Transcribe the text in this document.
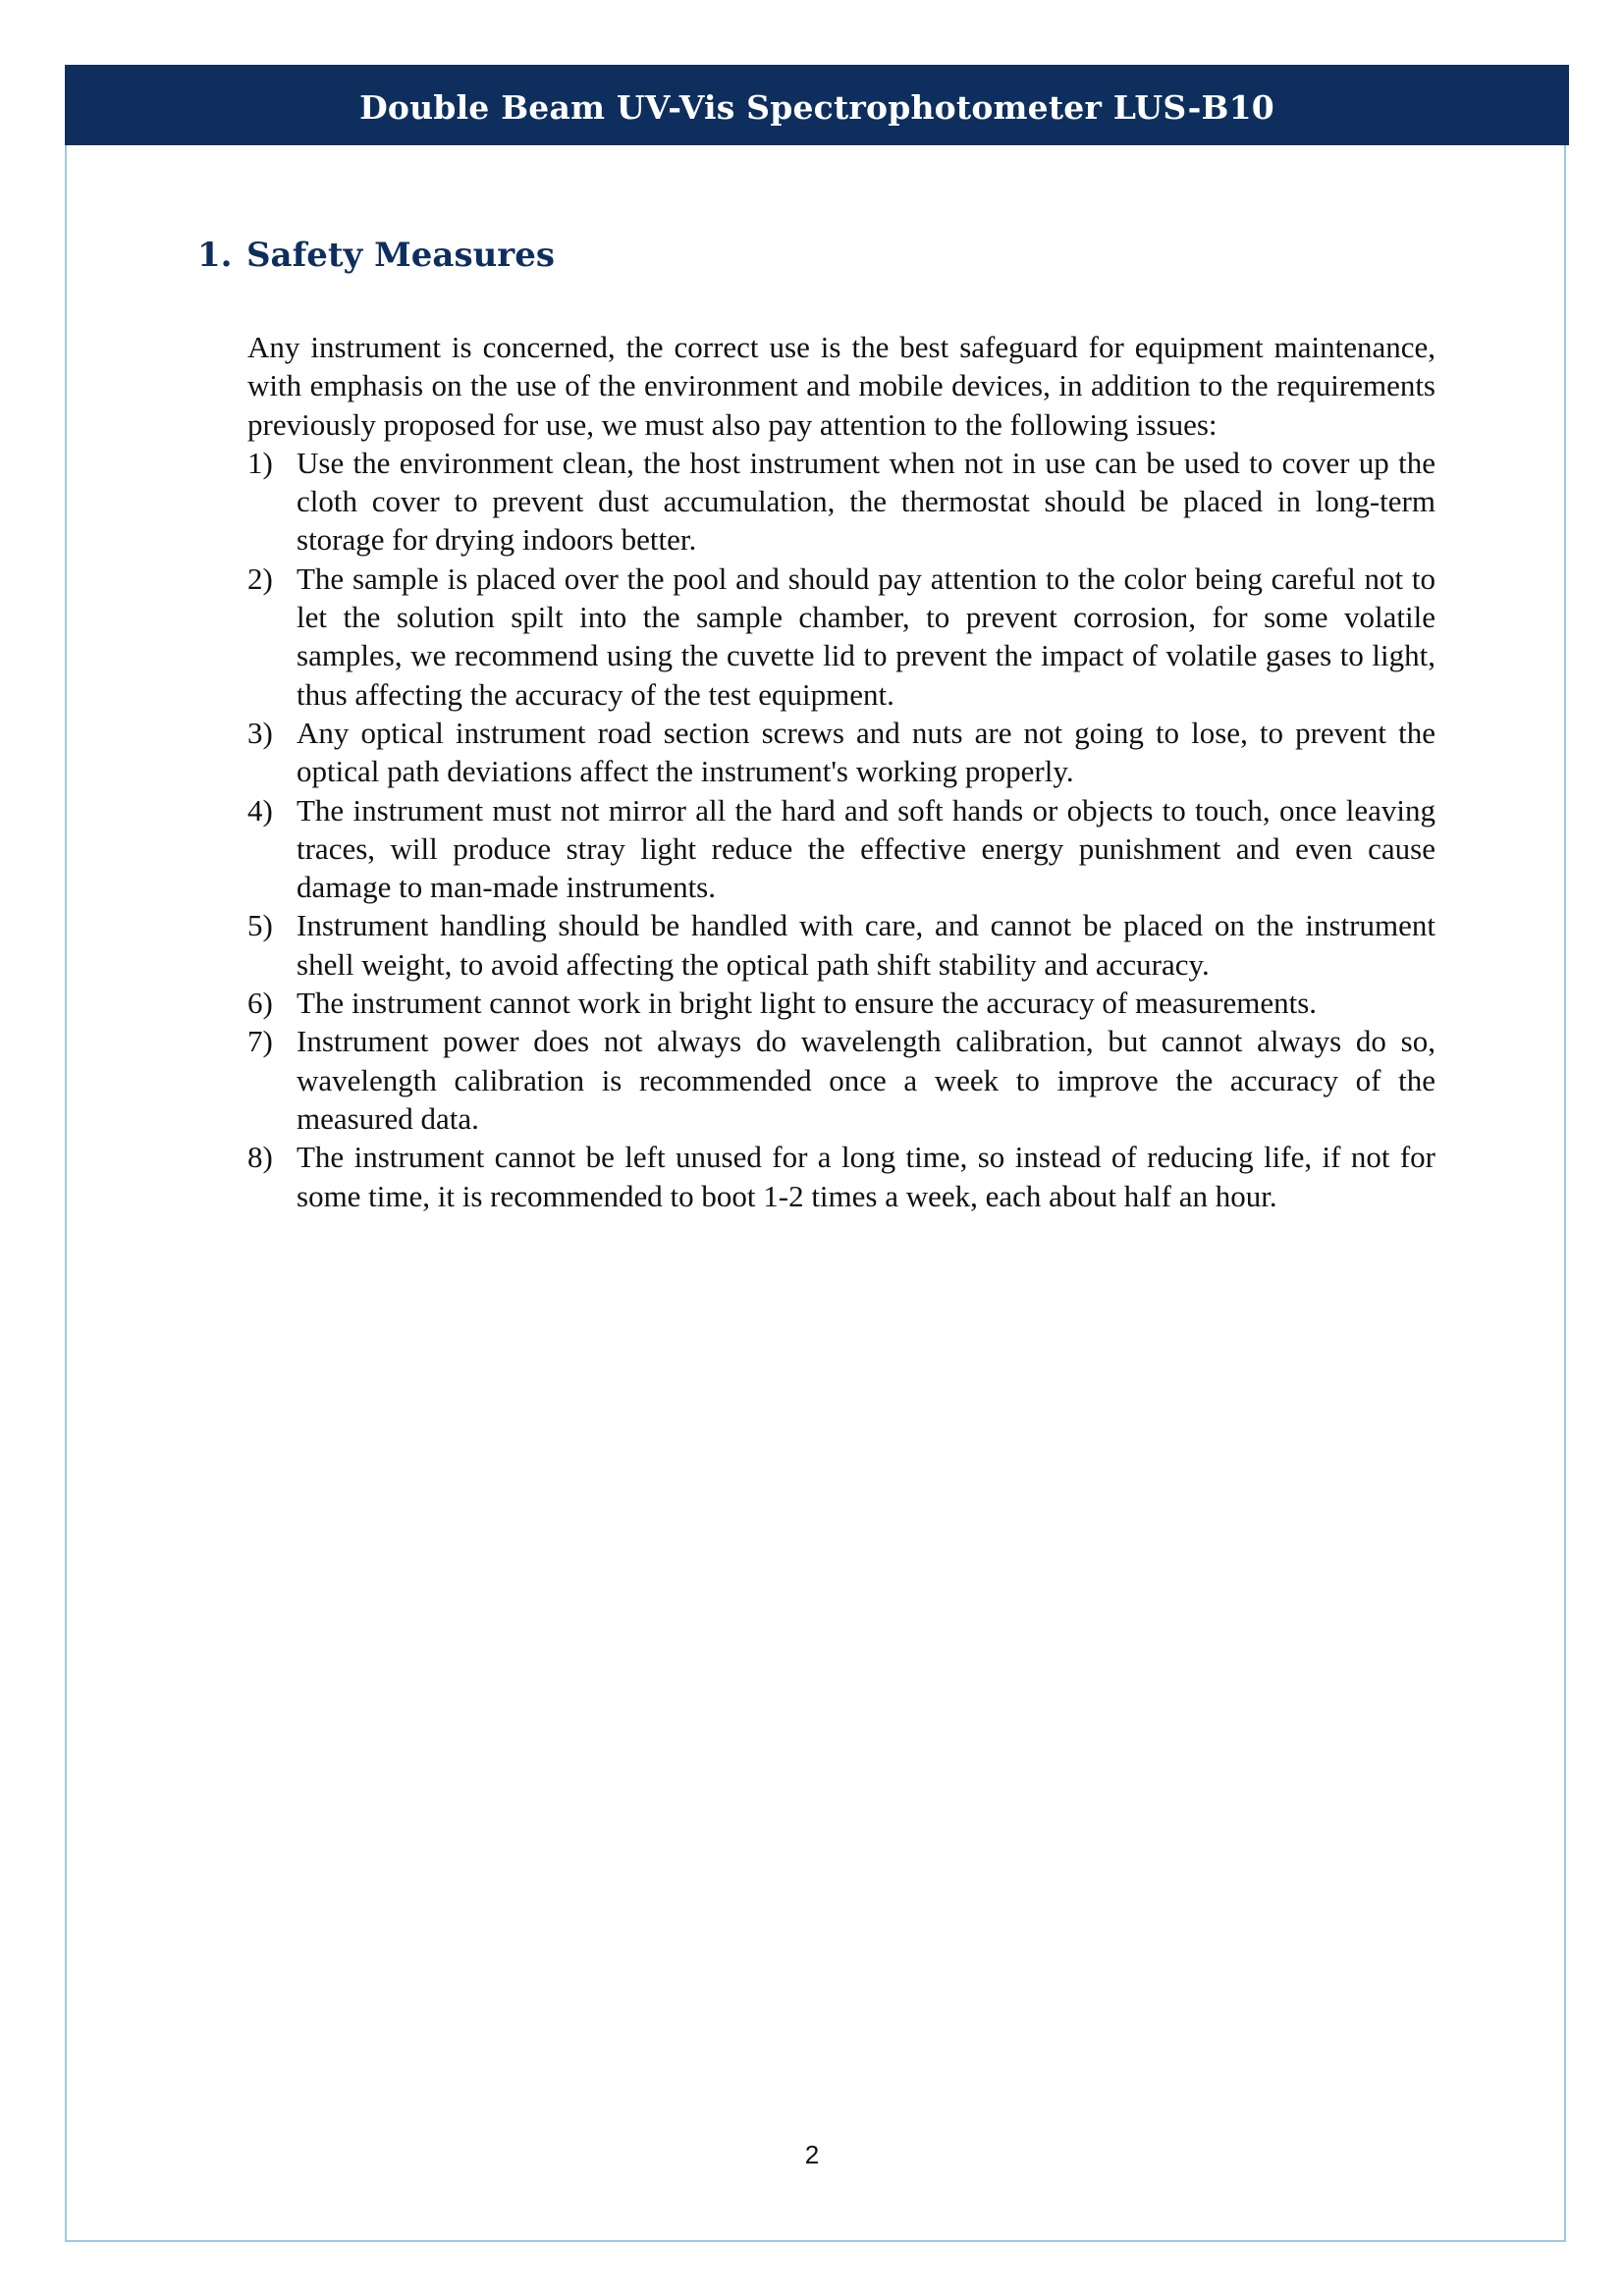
Double Beam UV-Vis Spectrophotometer LUS-B10
1. Safety Measures

Any instrument is concerned, the correct use is the best safeguard for equipment maintenance, with emphasis on the use of the environment and mobile devices, in addition to the requirements previously proposed for use, we must also pay attention to the following issues:

1) Use the environment clean, the host instrument when not in use can be used to cover up the cloth cover to prevent dust accumulation, the thermostat should be placed in long-term storage for drying indoors better.
2) The sample is placed over the pool and should pay attention to the color being careful not to let the solution spilt into the sample chamber, to prevent corrosion, for some volatile samples, we recommend using the cuvette lid to prevent the impact of volatile gases to light, thus affecting the accuracy of the test equipment.
3) Any optical instrument road section screws and nuts are not going to lose, to prevent the optical path deviations affect the instrument's working properly.
4) The instrument must not mirror all the hard and soft hands or objects to touch, once leaving traces, will produce stray light reduce the effective energy punishment and even cause damage to man-made instruments.
5) Instrument handling should be handled with care, and cannot be placed on the instrument shell weight, to avoid affecting the optical path shift stability and accuracy.
6) The instrument cannot work in bright light to ensure the accuracy of measurements.
7) Instrument power does not always do wavelength calibration, but cannot always do so, wavelength calibration is recommended once a week to improve the accuracy of the measured data.
8) The instrument cannot be left unused for a long time, so instead of reducing life, if not for some time, it is recommended to boot 1-2 times a week, each about half an hour.
2
